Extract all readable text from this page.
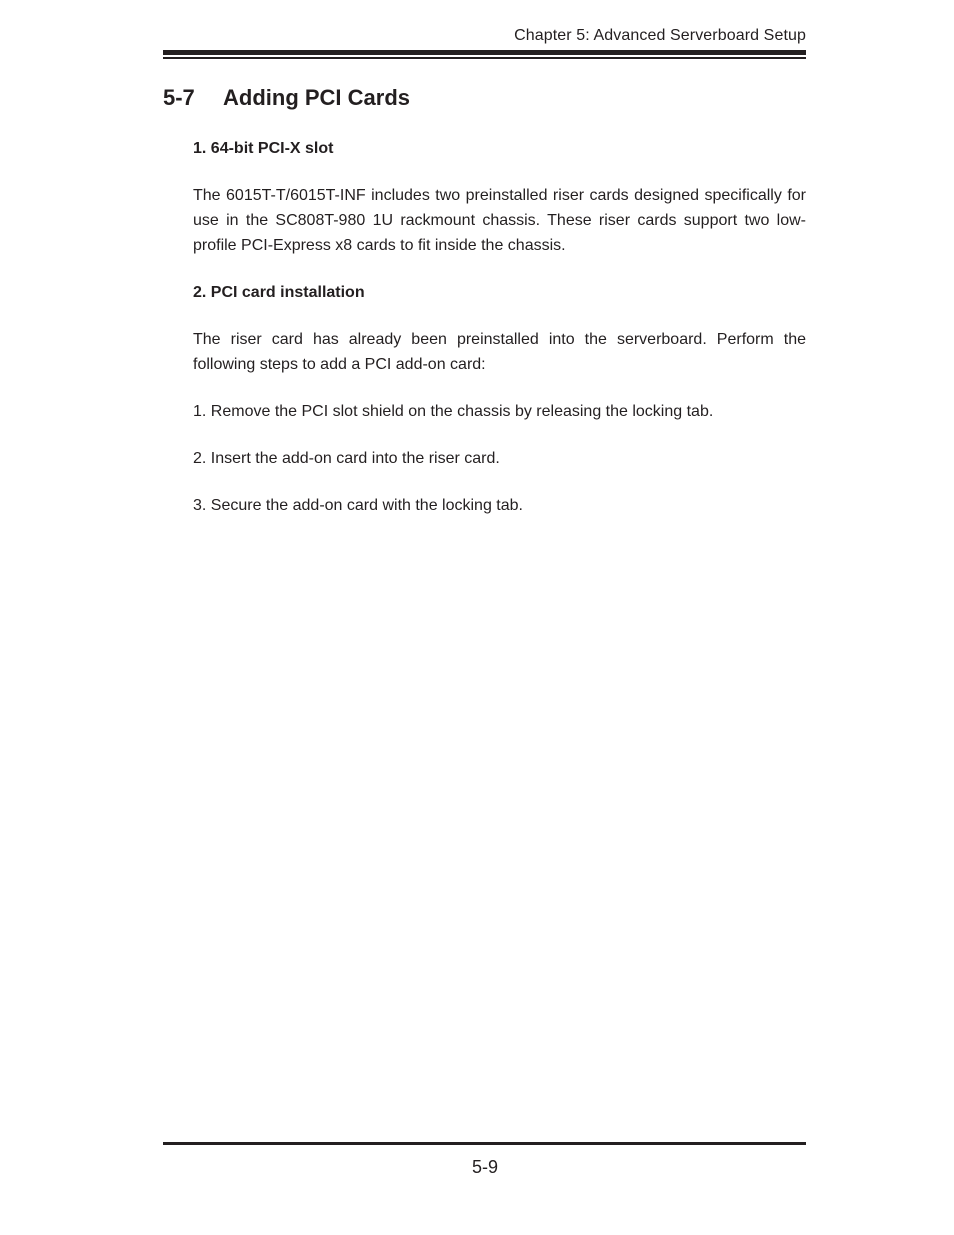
Chapter 5: Advanced Serverboard Setup
5-7 Adding PCI Cards

1. 64-bit PCI-X slot

The 6015T-T/6015T-INF includes two preinstalled riser cards designed specifically for use in the SC808T-980 1U rackmount chassis. These riser cards support two low-profile PCI-Express x8 cards to fit inside the chassis.

2. PCI card installation

The riser card has already been preinstalled into the serverboard. Perform the following steps to add a PCI add-on card:

1. Remove the PCI slot shield on the chassis by releasing the locking tab.

2. Insert the add-on card into the riser card.

3. Secure the add-on card with the locking tab.

5-9
